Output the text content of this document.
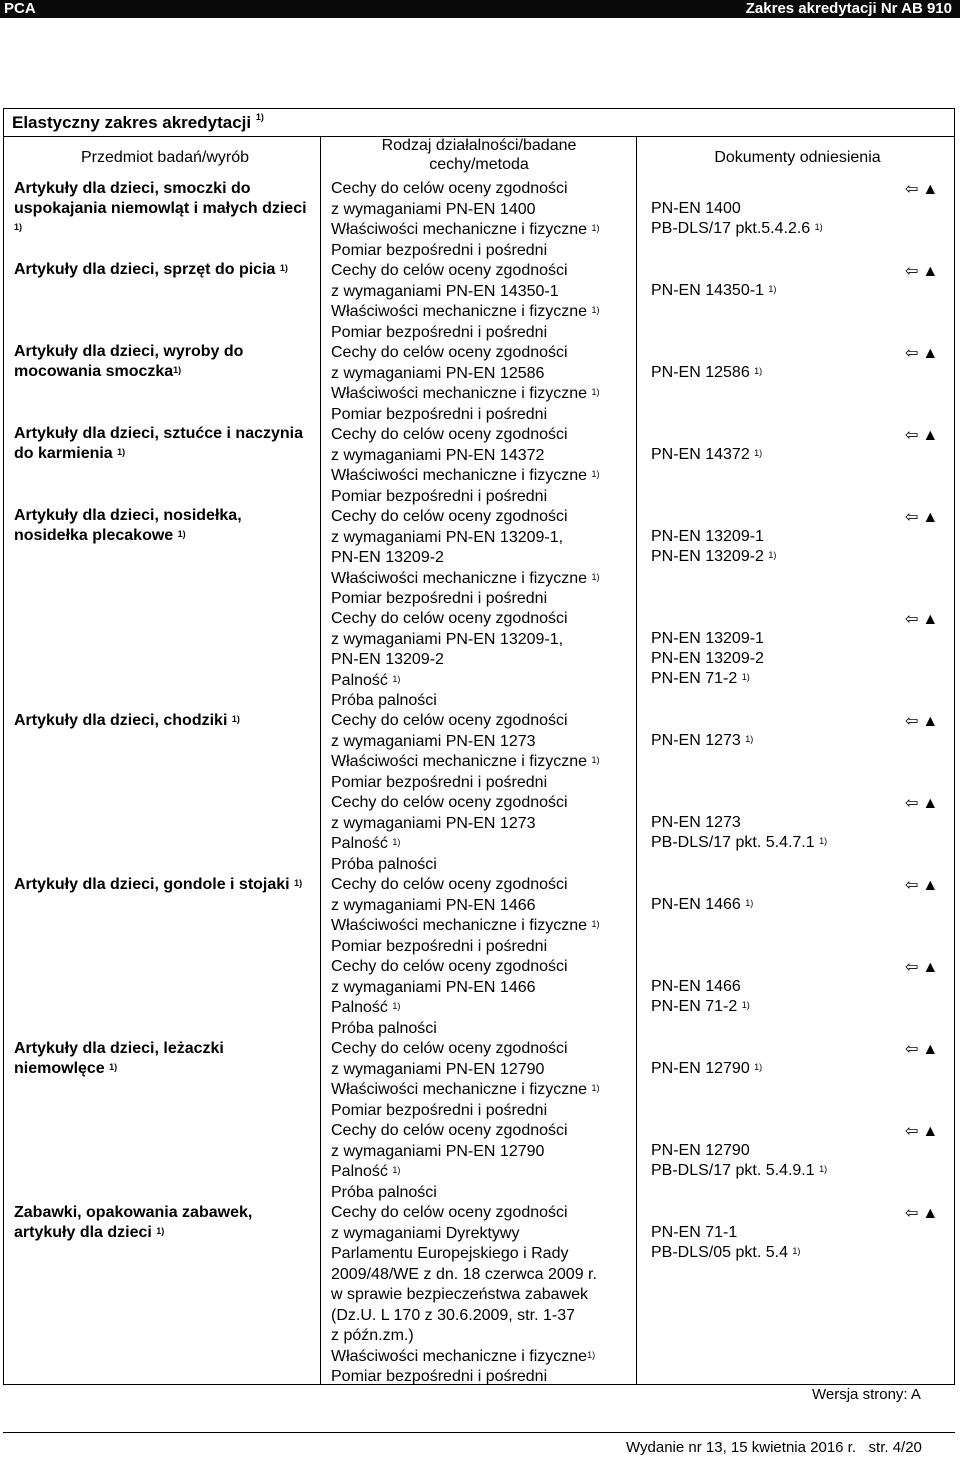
PCA	Zakres akredytacji Nr AB 910
Elastyczny zakres akredytacji $^{1)}$
Przedmiot badań/wyrób
Rodzaj działalności/badane
cechy/metoda	Dokumenty odniesienia
Artykuły dla dzieci, smoczki do uspokajania niemowląt i małych dzieci $^{1)}$
Artykuły dla dzieci, sprzęt do picia $^{1)}$
Artykuły dla dzieci, wyroby do mocowania smoczka$^{1)}$
Artykuły dla dzieci, sztućce i naczynia do karmienia $^{1)}$
Artykuły dla dzieci, nosidełka, nosidełka plecakowe $^{1)}$
Artykuły dla dzieci, chodziki $^{1)}$
Artykuły dla dzieci, gondole i stojaki $^{1)}$
Artykuły dla dzieci, leżaczki niemowlęce $^{1)}$
Zabawki, opakowania zabawek, artykuły dla dzieci $^{1)}$
Cechy do celów oceny zgodności
z wymaganiami PN-EN 1400
Właściwości mechaniczne i fizyczne $^{1)}$
Pomiar bezpośredni i pośredni
Cechy do celów oceny zgodności
z wymaganiami PN-EN 14350-1
Właściwości mechaniczne i fizyczne $^{1)}$
Pomiar bezpośredni i pośredni
Cechy do celów oceny zgodności
z wymaganiami PN-EN 12586
Właściwości mechaniczne i fizyczne $^{1)}$
Pomiar bezpośredni i pośredni
Cechy do celów oceny zgodności
z wymaganiami PN-EN 14372
Właściwości mechaniczne i fizyczne $^{1)}$
Pomiar bezpośredni i pośredni
Cechy do celów oceny zgodności
z wymaganiami PN-EN 13209-1,
PN-EN 13209-2
Właściwości mechaniczne i fizyczne $^{1)}$
Pomiar bezpośredni i pośredni
Cechy do celów oceny zgodności
z wymaganiami PN-EN 13209-1,
PN-EN 13209-2
Palność $^{1)}$
Próba palności
Cechy do celów oceny zgodności
z wymaganiami PN-EN 1273
Właściwości mechaniczne i fizyczne $^{1)}$
Pomiar bezpośredni i pośredni
Cechy do celów oceny zgodności
z wymaganiami PN-EN 1273
Palność $^{1)}$
Próba palności
Cechy do celów oceny zgodności
z wymaganiami PN-EN 1466
Właściwości mechaniczne i fizyczne $^{1)}$
Pomiar bezpośredni i pośredni
Cechy do celów oceny zgodności
z wymaganiami PN-EN 1466
Palność $^{1)}$
Próba palności
Cechy do celów oceny zgodności
z wymaganiami PN-EN 12790
Właściwości mechaniczne i fizyczne $^{1)}$
Pomiar bezpośredni i pośredni
Cechy do celów oceny zgodności
z wymaganiami PN-EN 12790
Palność $^{1)}$
Próba palności
Cechy do celów oceny zgodności
z wymaganiami Dyrektywy
Parlamentu Europejskiego i Rady
2009/48/WE z dn. 18 czerwca 2009 r.
w sprawie bezpieczeństwa zabawek
(Dz.U. L 170 z 30.6.2009, str. 1-37
z późn.zm.)
Właściwości mechaniczne i fizyczne$^{1)}$
Pomiar bezpośredni i pośredni
PN-EN 1400
PB-DLS/17 pkt.5.4.2.6 $^{1)}$
PN-EN 14350-1 $^{1)}$
PN-EN 12586 $^{1)}$
PN-EN 14372 $^{1)}$
PN-EN 13209-1
PN-EN 13209-2 $^{1)}$
PN-EN 13209-1
PN-EN 13209-2
PN-EN 71-2 $^{1)}$
PN-EN 1273 $^{1)}$
PN-EN 1273
PB-DLS/17 pkt. 5.4.7.1 $^{1)}$
PN-EN 1466 $^{1)}$
PN-EN 1466
PN-EN 71-2 $^{1)}$
PN-EN 12790 $^{1)}$
PN-EN 12790
PB-DLS/17 pkt. 5.4.9.1 $^{1)}$
PN-EN 71-1
PB-DLS/05 pkt. 5.4 $^{1)}$
⇦▲
⇦▲
⇦▲
⇦▲
⇦▲
⇦▲
⇦▲
⇦▲
⇦▲
⇦▲
⇦▲
⇦▲
⇦▲
Wersja strony: A
Wydanie nr 13, 15 kwietnia 2016 r. str. 4/20
